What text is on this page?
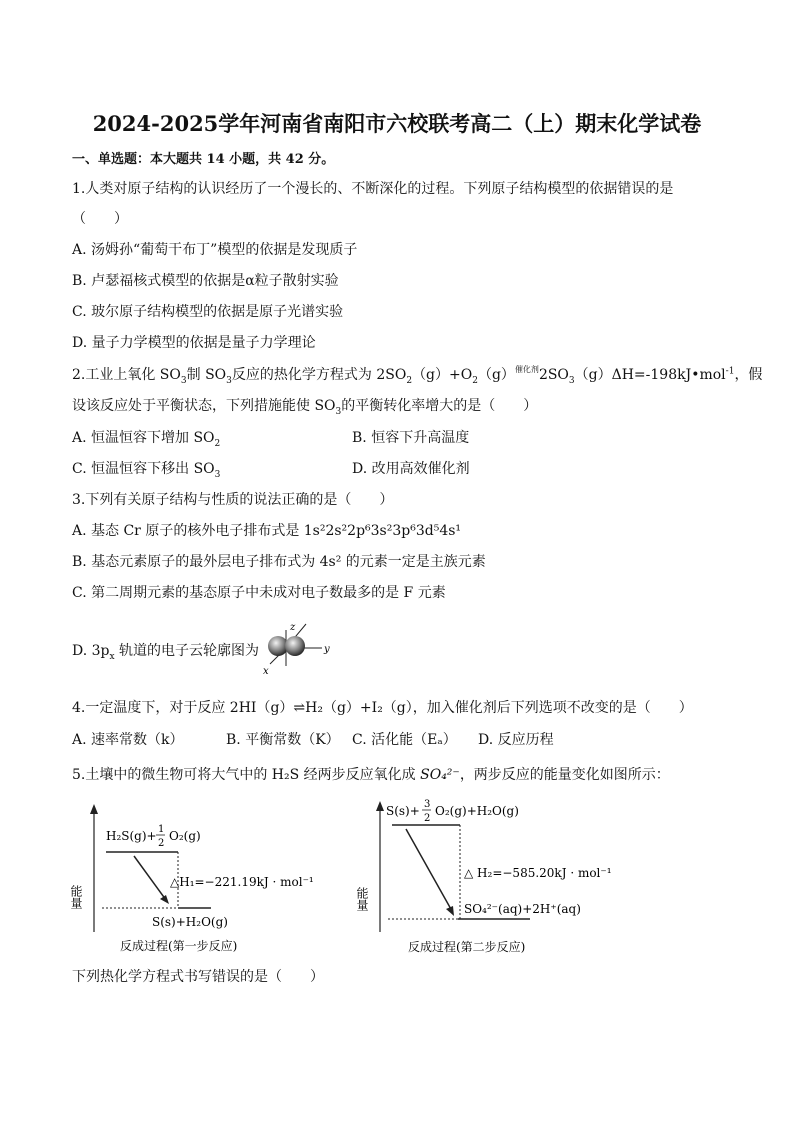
2024-2025学年河南省南阳市六校联考高二（上）期末化学试卷
一、单选题：本大题共 14 小题，共 42 分。
1.人类对原子结构的认识经历了一个漫长的、不断深化的过程。下列原子结构模型的依据错误的是
（　　）
A. 汤姆孙“葡萄干布丁”模型的依据是发现质子
B. 卢瑟福核式模型的依据是α粒子散射实验
C. 玻尔原子结构模型的依据是原子光谱实验
D. 量子力学模型的依据是量子力学理论
2.工业上氧化 $SO_3$制 $SO_3$反应的热化学方程式为 $2SO_2(g)+O_2(g)^{催化剂}2SO_3(g)\Delta H=-198kJ•mol^{-1}$，假
设该反应处于平衡状态，下列措施能使 $SO_3$的平衡转化率增大的是（　　）
A. 恒温恒容下增加 $SO_2$	B. 恒容下升高温度
C. 恒温恒容下移出 $SO_3$	D. 改用高效催化剂
3.下列有关原子结构与性质的说法正确的是（　　）
A. 基态 Cr 原子的核外电子排布式是 1s²2s²2p⁶3s²3p⁶3d⁵4s¹
B. 基态元素原子的最外层电子排布式为 4s² 的元素一定是主族元素
C. 第二周期元素的基态原子中未成对电子数最多的是 F 元素
D. $3p_x$ 轨道的电子云轮廓图为
z
y
x
4.一定温度下，对于反应 2HI（g）⇌H₂（g）+I₂（g），加入催化剂后下列选项不改变的是（　　）
A. 速率常数（k）	B. 平衡常数（K） C. 活化能（Eₐ） D. 反应历程
5.土壤中的微生物可将大气中的 H₂S 经两步反应氧化成 SO₄²⁻，两步反应的能量变化如图所示：
能量
H₂S(g)+ 1
2
O₂(g)
△H₁=−221.19kJ · mol⁻¹
S(s)+H₂O(g)
反成过程(第一步反应)
能量
S(s)+ 3
2
O₂(g)+H₂O(g)
△ H₂=−585.20kJ · mol⁻¹
SO₄²⁻(aq)+2H⁺(aq)
反成过程(第二步反应)
下列热化学方程式书写错误的是（　　）
